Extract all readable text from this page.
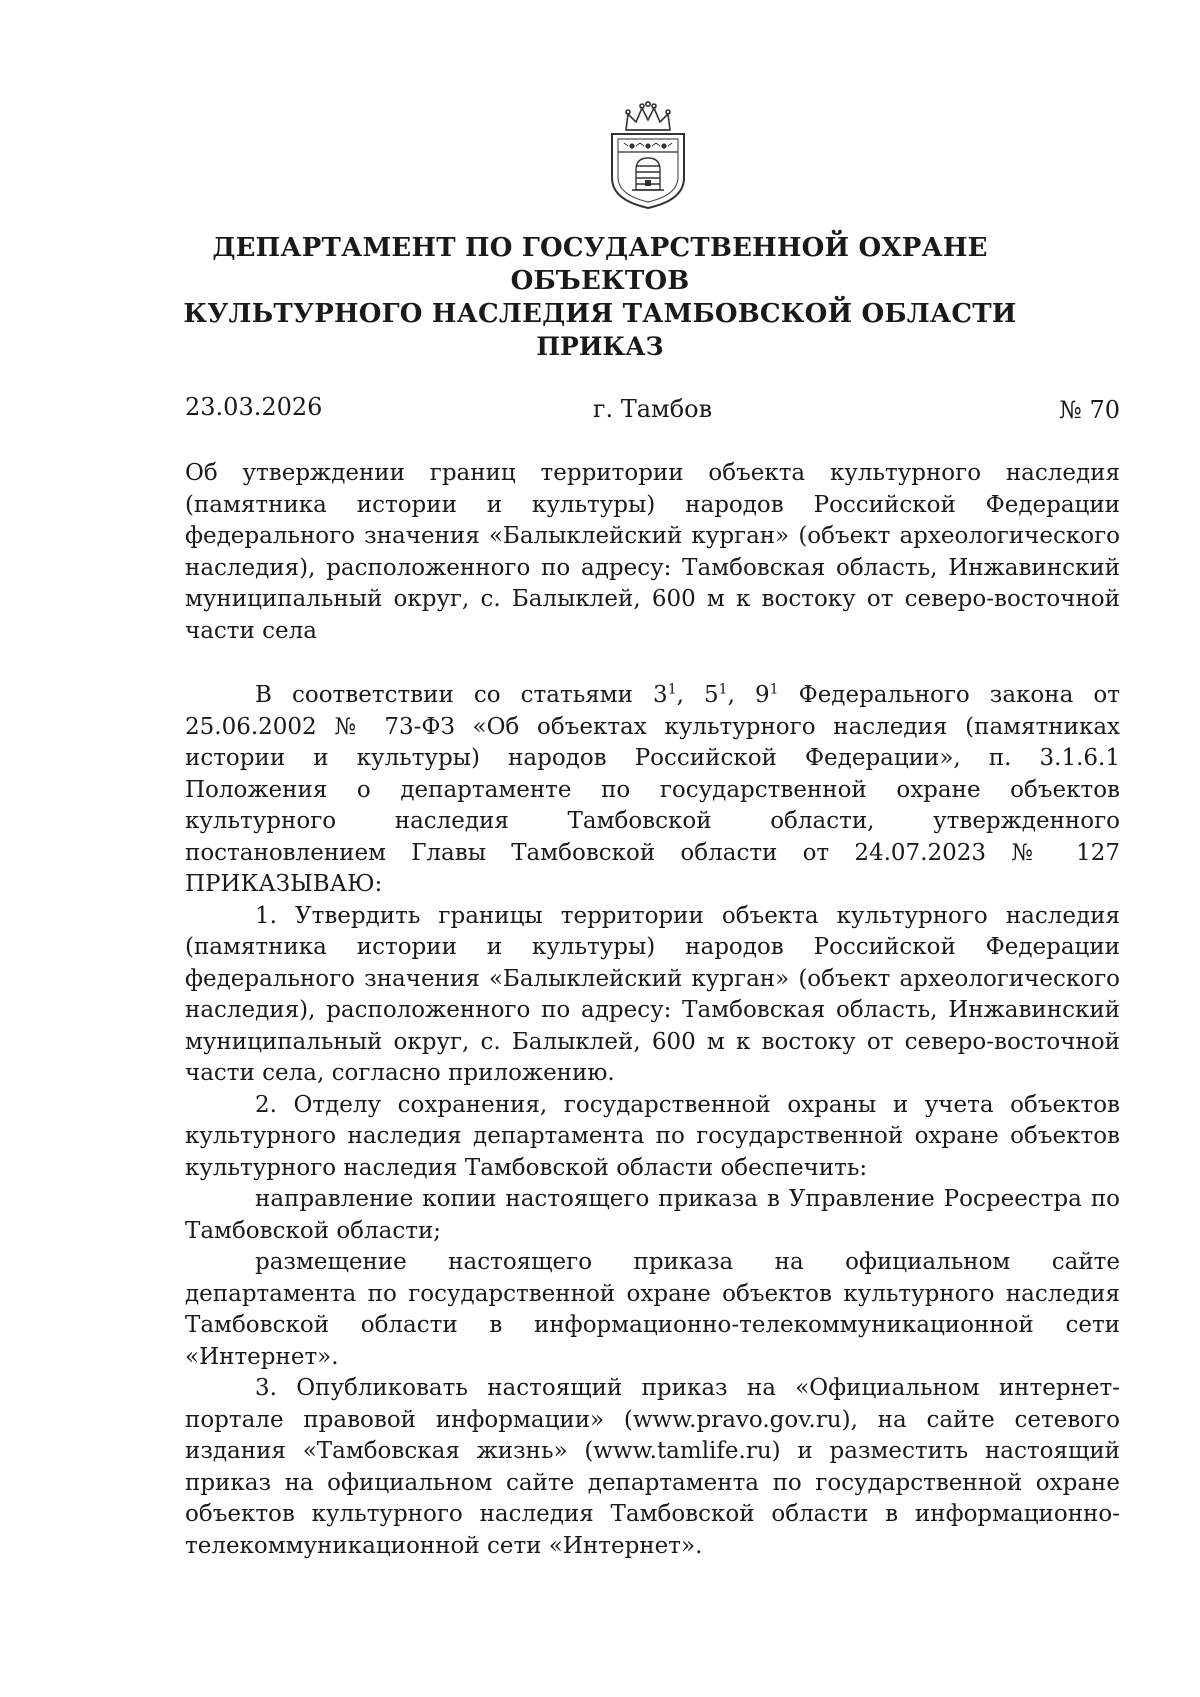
ДЕПАРТАМЕНТ ПО ГОСУДАРСТВЕННОЙ ОХРАНЕ ОБЪЕКТОВ
КУЛЬТУРНОГО НАСЛЕДИЯ ТАМБОВСКОЙ ОБЛАСТИ
ПРИКАЗ
23.03.2026	г. Тамбов	№ 70
Об утверждении границ территории объекта культурного наследия (памятника истории и культуры) народов Российской Федерации федерального значения «Балыклейский курган» (объект археологического наследия), расположенного по адресу: Тамбовская область, Инжавинский муниципальный округ, с. Балыклей, 600 м к востоку от северо-восточной части села

В соответствии со статьями $3^1$, $5^1$, $9^1$ Федерального закона от 25.06.2002 № 73-ФЗ «Об объектах культурного наследия (памятниках истории и культуры) народов Российской Федерации», п. 3.1.6.1 Положения о департаменте по государственной охране объектов культурного наследия Тамбовской области, утвержденного постановлением Главы Тамбовской области от 24.07.2023 № 127 ПРИКАЗЫВАЮ:

1. Утвердить границы территории объекта культурного наследия (памятника истории и культуры) народов Российской Федерации федерального значения «Балыклейский курган» (объект археологического наследия), расположенного по адресу: Тамбовская область, Инжавинский муниципальный округ, с. Балыклей, 600 м к востоку от северо-восточной части села, согласно приложению.

2. Отделу сохранения, государственной охраны и учета объектов культурного наследия департамента по государственной охране объектов культурного наследия Тамбовской области обеспечить:

направление копии настоящего приказа в Управление Росреестра по Тамбовской области;

размещение настоящего приказа на официальном сайте департамента по государственной охране объектов культурного наследия Тамбовской области в информационно-телекоммуникационной сети «Интернет».

3. Опубликовать настоящий приказ на «Официальном интернет-портале правовой информации» (www.pravo.gov.ru), на сайте сетевого издания «Тамбовская жизнь» (www.tamlife.ru) и разместить настоящий приказ на официальном сайте департамента по государственной охране объектов культурного наследия Тамбовской области в информационно-телекоммуникационной сети «Интернет».
